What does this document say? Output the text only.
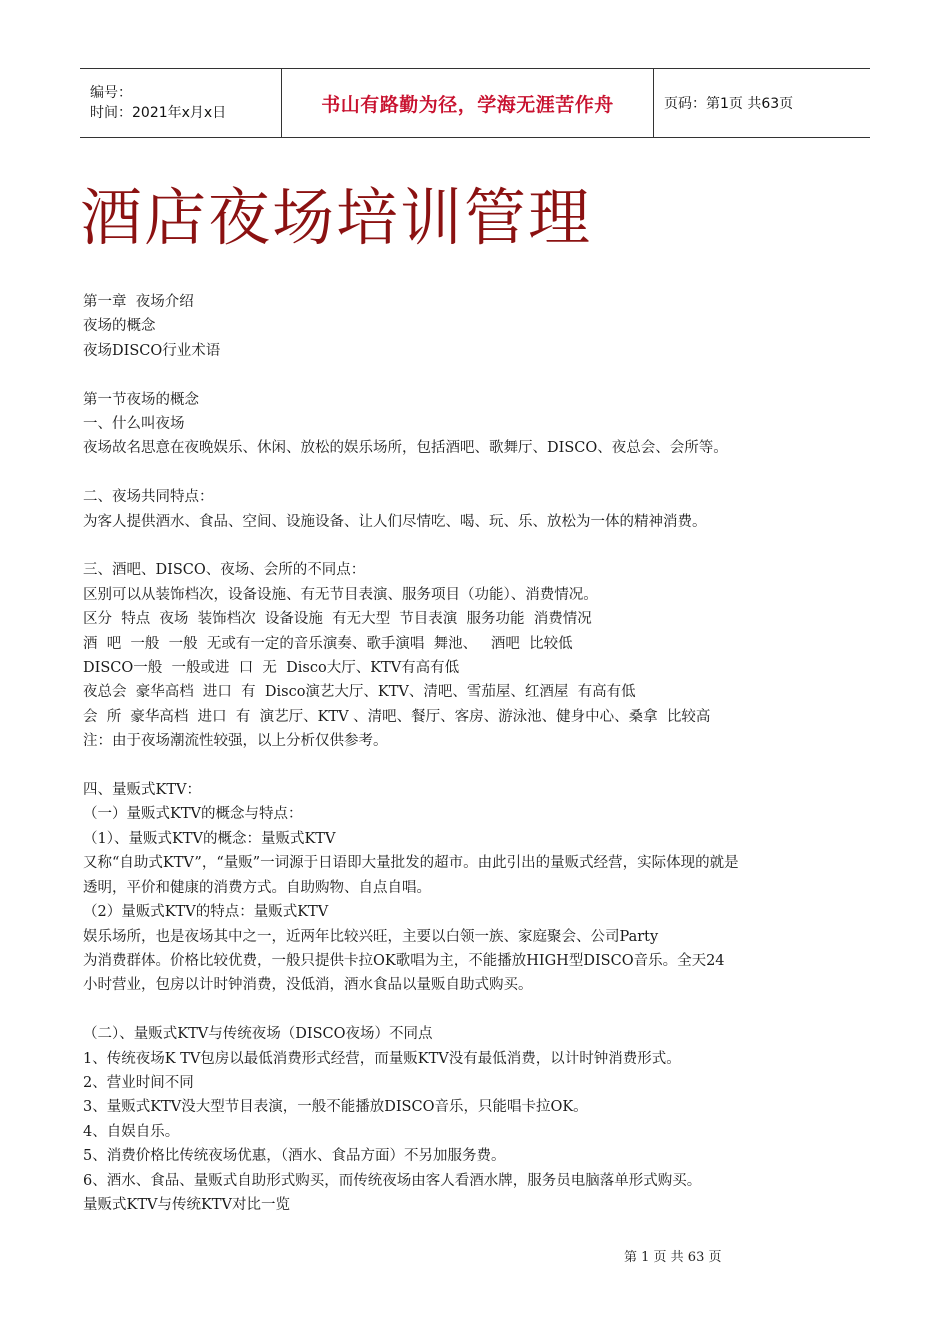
编号：
时间：2021年x月x日	书山有路勤为径，学海无涯苦作舟	页码：第1页 共63页
酒店夜场培训管理
第一章  夜场介绍
夜场的概念
夜场DISCO行业术语
第一节夜场的概念
一、什么叫夜场
夜场故名思意在夜晚娱乐、休闲、放松的娱乐场所，包括酒吧、歌舞厅、DISCO、夜总会、会所等。
二、夜场共同特点：
为客人提供酒水、食品、空间、设施设备、让人们尽情吃、喝、玩、乐、放松为一体的精神消费。
三、酒吧、DISCO、夜场、会所的不同点：
区别可以从装饰档次，设备设施、有无节目表演、服务项目（功能）、消费情况。
区分  特点  夜场  装饰档次  设备设施  有无大型  节目表演  服务功能  消费情况
酒  吧  一般  一般  无或有一定的音乐演奏、歌手演唱  舞池、   酒吧  比较低
DISCO一般  一般或进  口  无  Disco大厅、KTV有高有低
夜总会  豪华高档  进口  有  Disco演艺大厅、KTV、清吧、雪茄屋、红酒屋  有高有低
会  所  豪华高档  进口  有  演艺厅、KTV 、清吧、餐厅、客房、游泳池、健身中心、桑拿  比较高
注：由于夜场潮流性较强，以上分析仅供参考。
四、量贩式KTV：
（一）量贩式KTV的概念与特点：
（1）、量贩式KTV的概念：量贩式KTV
又称“自助式KTV”，“量贩”一词源于日语即大量批发的超市。由此引出的量贩式经营，实际体现的就是
透明，平价和健康的消费方式。自助购物、自点自唱。
（2）量贩式KTV的特点：量贩式KTV
娱乐场所，也是夜场其中之一，近两年比较兴旺，主要以白领一族、家庭聚会、公司Party
为消费群体。价格比较优费，一般只提供卡拉OK歌唱为主，不能播放HIGH型DISCO音乐。全天24
小时营业，包房以计时钟消费，没低消，酒水食品以量贩自助式购买。
（二）、量贩式KTV与传统夜场（DISCO夜场）不同点
1、传统夜场K TV包房以最低消费形式经营，而量贩KTV没有最低消费，以计时钟消费形式。
2、营业时间不同
3、量贩式KTV没大型节目表演，一般不能播放DISCO音乐，只能唱卡拉OK。
4、自娱自乐。
5、消费价格比传统夜场优惠，（酒水、食品方面）不另加服务费。
6、酒水、食品、量贩式自助形式购买，而传统夜场由客人看酒水牌，服务员电脑落单形式购买。
量贩式KTV与传统KTV对比一览
第 1 页 共 63 页
